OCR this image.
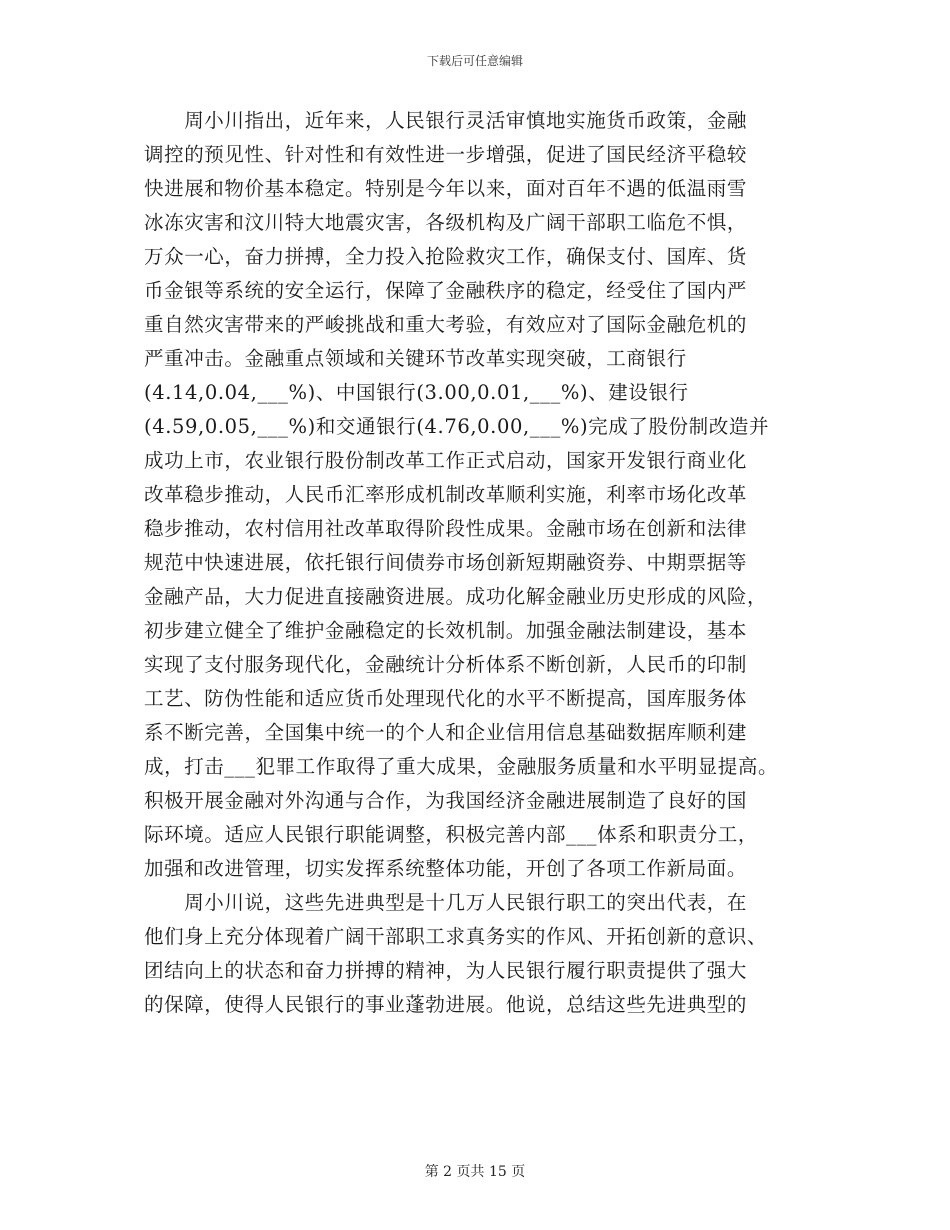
下载后可任意编辑
　　周小川指出，近年来，人民银行灵活审慎地实施货币政策，金融
调控的预见性、针对性和有效性进一步增强，促进了国民经济平稳较
快进展和物价基本稳定。特别是今年以来，面对百年不遇的低温雨雪
冰冻灾害和汶川特大地震灾害，各级机构及广阔干部职工临危不惧，
万众一心，奋力拼搏，全力投入抢险救灾工作，确保支付、国库、货
币金银等系统的安全运行，保障了金融秩序的稳定，经受住了国内严
重自然灾害带来的严峻挑战和重大考验，有效应对了国际金融危机的
严重冲击。金融重点领域和关键环节改革实现突破，工商银行
(4.14,0.04,___%)、中国银行(3.00,0.01,___%)、建设银行
(4.59,0.05,___%)和交通银行(4.76,0.00,___%)完成了股份制改造并
成功上市，农业银行股份制改革工作正式启动，国家开发银行商业化
改革稳步推动，人民币汇率形成机制改革顺利实施，利率市场化改革
稳步推动，农村信用社改革取得阶段性成果。金融市场在创新和法律
规范中快速进展，依托银行间债券市场创新短期融资券、中期票据等
金融产品，大力促进直接融资进展。成功化解金融业历史形成的风险，
初步建立健全了维护金融稳定的长效机制。加强金融法制建设，基本
实现了支付服务现代化，金融统计分析体系不断创新，人民币的印制
工艺、防伪性能和适应货币处理现代化的水平不断提高，国库服务体
系不断完善，全国集中统一的个人和企业信用信息基础数据库顺利建
成，打击___犯罪工作取得了重大成果，金融服务质量和水平明显提高。
积极开展金融对外沟通与合作，为我国经济金融进展制造了良好的国
际环境。适应人民银行职能调整，积极完善内部___体系和职责分工，
加强和改进管理，切实发挥系统整体功能，开创了各项工作新局面。
　　周小川说，这些先进典型是十几万人民银行职工的突出代表，在
他们身上充分体现着广阔干部职工求真务实的作风、开拓创新的意识、
团结向上的状态和奋力拼搏的精神，为人民银行履行职责提供了强大
的保障，使得人民银行的事业蓬勃进展。他说，总结这些先进典型的
第 2 页共 15 页
